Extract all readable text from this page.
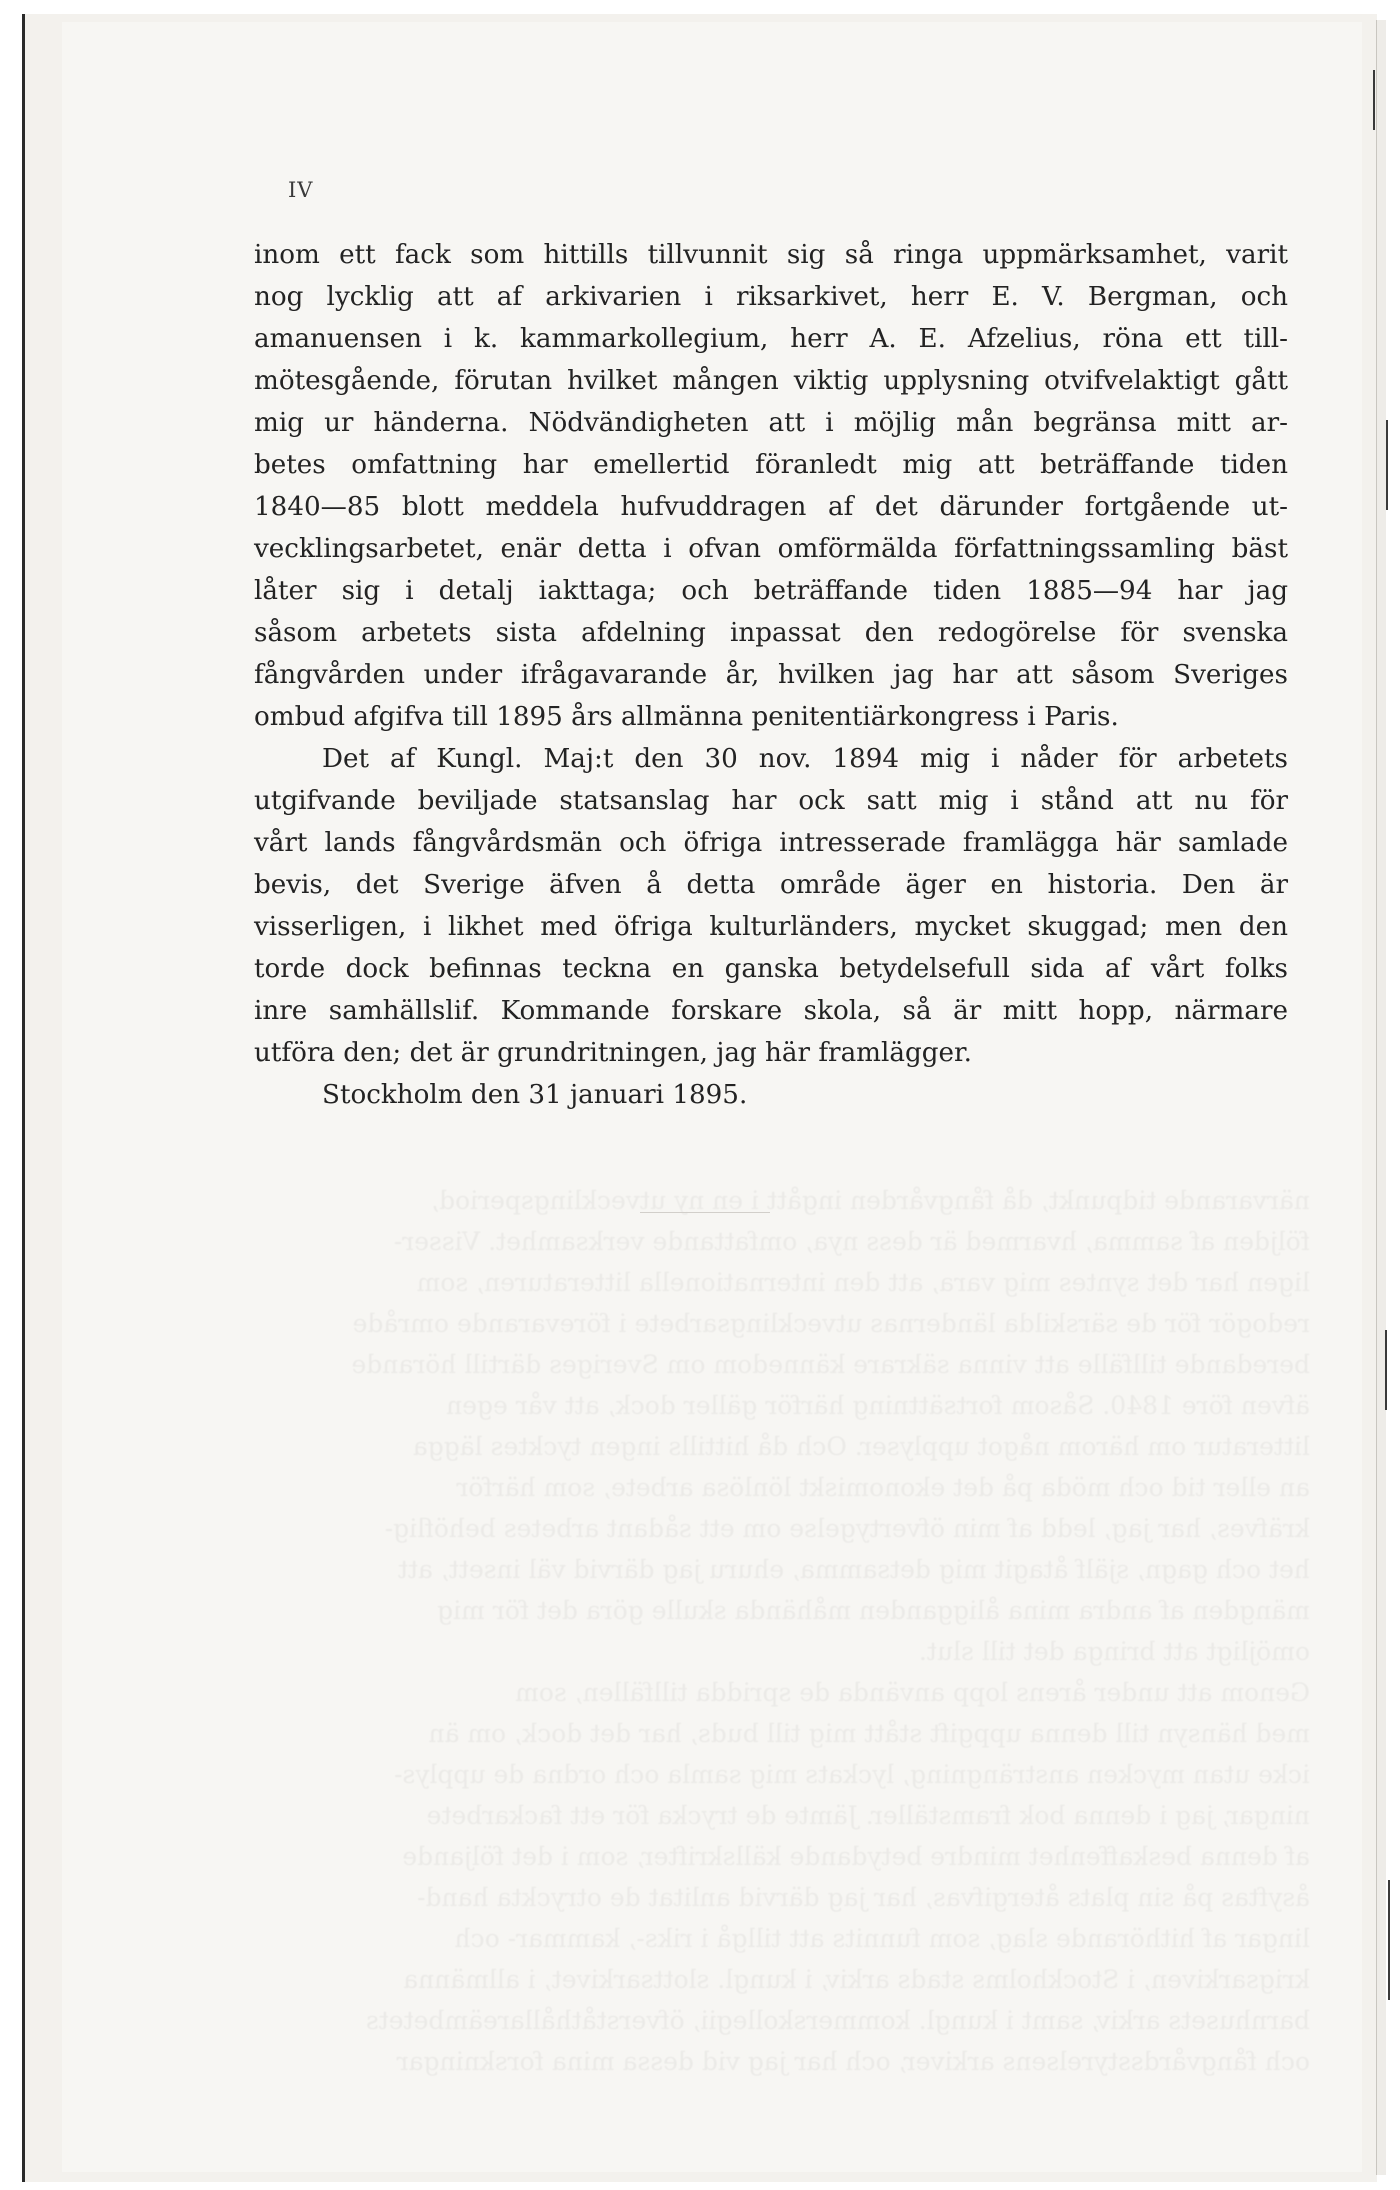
närvarande tidpunkt, då fångvården ingått i en ny utvecklingsperiod,
följden af samma, hvarmed är dess nya, omfattande verksamhet. Visser-
ligen har det syntes mig vara, att den internationella litteraturen, som
redogör för de särskilda ländernas utvecklingsarbete i förevarande område
beredande tillfälle att vinna säkrare kännedom om Sveriges därtill hörande
äfven före 1840. Såsom fortsättning härför gäller dock, att vår egen
litteratur om härom något upplyser. Och då hittills ingen tycktes lägga
an eller tid och möda på det ekonomiskt lönlösa arbete, som härför
kräfves, har jag, ledd af min öfvertygelse om ett sådant arbetes behöflig-
het och gagn, själf åtagit mig detsamma, ehuru jag därvid väl insett, att
mängden af andra mina åligganden måhända skulle göra det för mig
omöjligt att bringa det till slut.
Genom att under årens lopp använda de spridda tillfällen, som
med hänsyn till denna uppgift stått mig till buds, har det dock, om än
icke utan mycken ansträngning, lyckats mig samla och ordna de upplys-
ningar, jag i denna bok framställer. Jämte de trycka för ett fackarbete
af denna beskaffenhet mindre betydande källskrifter, som i det följande
åsyftas på sin plats återgifvas, har jag därvid anlitat de otryckta hand-
lingar af hithörande slag, som funnits att tillgå i riks-, kammar- och
krigsarkiven, i Stockholms stads arkiv, i kungl. slottsarkivet, i allmänna
barnhusets arkiv, samt i kungl. kommerskollegii, öfverståthållareämbetets
och fångvårdsstyrelsens arkiver, och har jag vid dessa mina forskningar
IV
inom ett fack som hittills tillvunnit sig så ringa uppmärksamhet, varit
nog lycklig att af arkivarien i riksarkivet, herr E. V. Bergman, och
amanuensen i k. kammarkollegium, herr A. E. Afzelius, röna ett till-
mötesgående, förutan hvilket mången viktig upplysning otvifvelaktigt gått
mig ur händerna. Nödvändigheten att i möjlig mån begränsa mitt ar-
betes omfattning har emellertid föranledt mig att beträffande tiden
1840—85 blott meddela hufvuddragen af det därunder fortgående ut-
vecklingsarbetet, enär detta i ofvan omförmälda författningssamling bäst
låter sig i detalj iakttaga; och beträffande tiden 1885—94 har jag
såsom arbetets sista afdelning inpassat den redogörelse för svenska
fångvården under ifrågavarande år, hvilken jag har att såsom Sveriges
ombud afgifva till 1895 års allmänna penitentiärkongress i Paris.
Det af Kungl. Maj:t den 30 nov. 1894 mig i nåder för arbetets
utgifvande beviljade statsanslag har ock satt mig i stånd att nu för
vårt lands fångvårdsmän och öfriga intresserade framlägga här samlade
bevis, det Sverige äfven å detta område äger en historia. Den är
visserligen, i likhet med öfriga kulturländers, mycket skuggad; men den
torde dock befinnas teckna en ganska betydelsefull sida af vårt folks
inre samhällslif. Kommande forskare skola, så är mitt hopp, närmare
utföra den; det är grundritningen, jag här framlägger.
Stockholm den 31 januari 1895.
